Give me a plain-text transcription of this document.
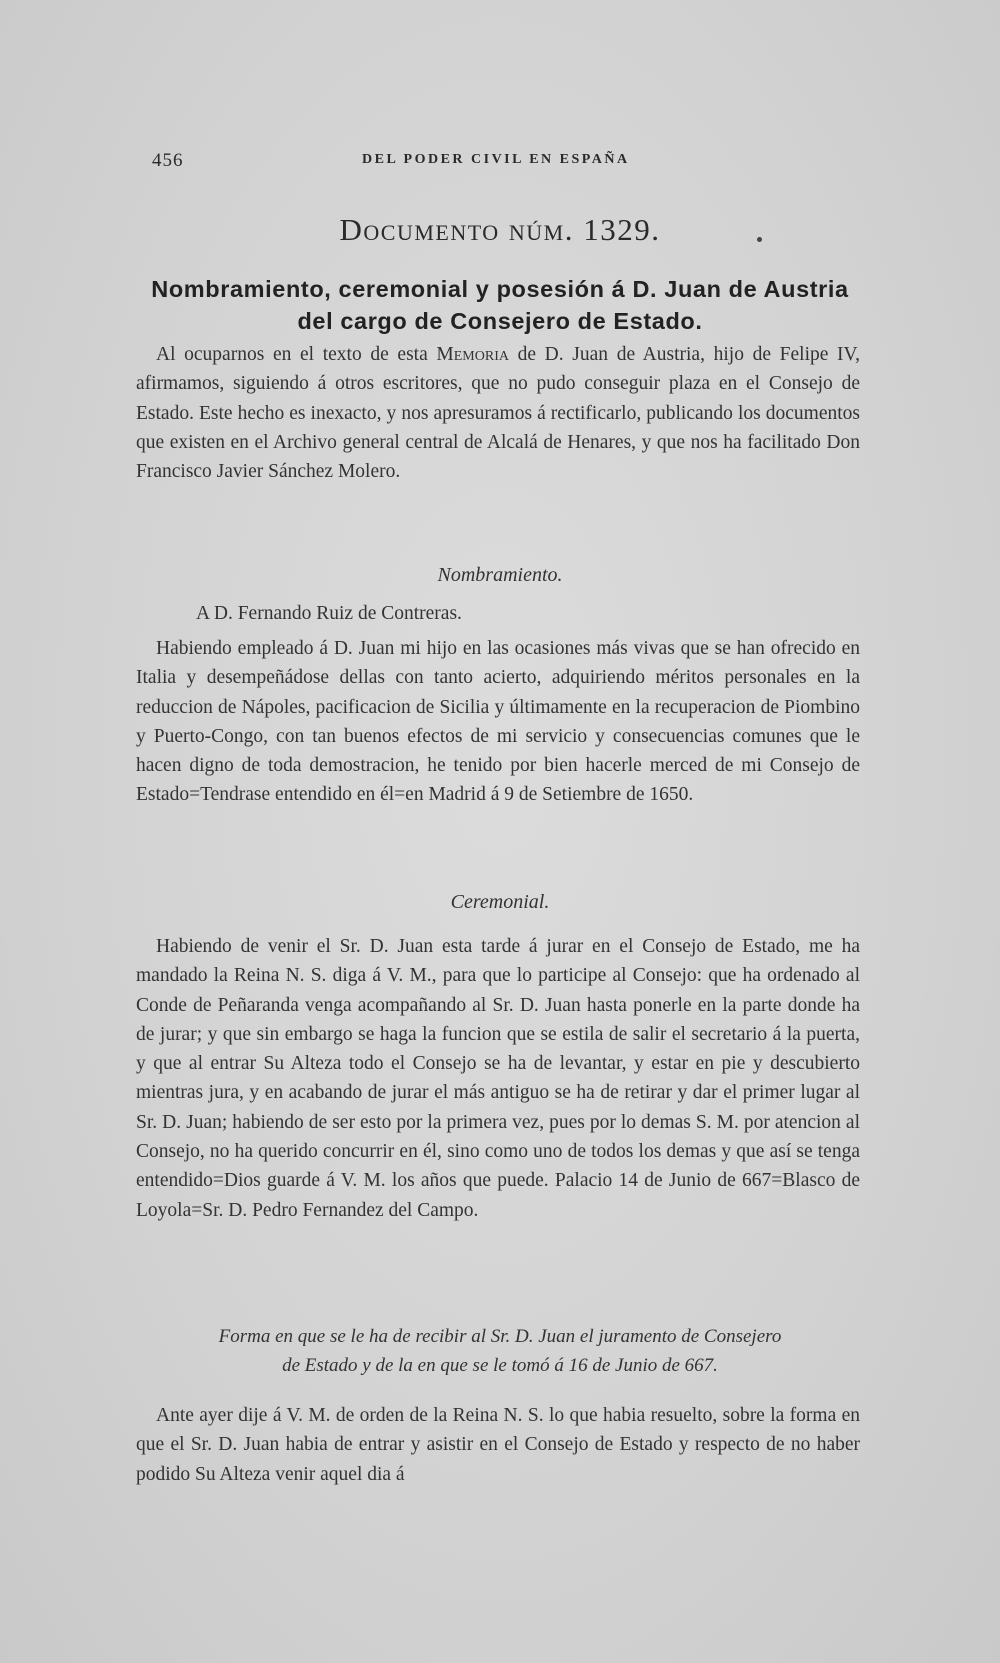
456	DEL PODER CIVIL EN ESPAÑA
Documento núm. 1329.
Nombramiento, ceremonial y posesión á D. Juan de Austria
del cargo de Consejero de Estado.

Al ocuparnos en el texto de esta Memoria de D. Juan de Austria, hijo de Felipe IV, afirmamos, siguiendo á otros escritores, que no pudo conseguir plaza en el Consejo de Estado. Este hecho es inexacto, y nos apresuramos á rectificarlo, publicando los documentos que existen en el Archivo general central de Alcalá de Henares, y que nos ha facilitado Don Francisco Javier Sánchez Molero.

Nombramiento.
A D. Fernando Ruiz de Contreras.

Habiendo empleado á D. Juan mi hijo en las ocasiones más vivas que se han ofrecido en Italia y desempeñádose dellas con tanto acierto, adquiriendo méritos personales en la reduccion de Nápoles, pacificacion de Sicilia y últimamente en la recuperacion de Piombino y Puerto-Congo, con tan buenos efectos de mi servicio y consecuencias comunes que le hacen digno de toda demostracion, he tenido por bien hacerle merced de mi Consejo de Estado=Tendrase entendido en él=en Madrid á 9 de Setiembre de 1650.

Ceremonial.

Habiendo de venir el Sr. D. Juan esta tarde á jurar en el Consejo de Estado, me ha mandado la Reina N. S. diga á V. M., para que lo participe al Consejo: que ha ordenado al Conde de Peñaranda venga acompañando al Sr. D. Juan hasta ponerle en la parte donde ha de jurar; y que sin embargo se haga la funcion que se estila de salir el secretario á la puerta, y que al entrar Su Alteza todo el Consejo se ha de levantar, y estar en pie y descubierto mientras jura, y en acabando de jurar el más antiguo se ha de retirar y dar el primer lugar al Sr. D. Juan; habiendo de ser esto por la primera vez, pues por lo demas S. M. por atencion al Consejo, no ha querido concurrir en él, sino como uno de todos los demas y que así se tenga entendido=Dios guarde á V. M. los años que puede. Palacio 14 de Junio de 667=Blasco de Loyola=Sr. D. Pedro Fernandez del Campo.

Forma en que se le ha de recibir al Sr. D. Juan el juramento de Consejero
de Estado y de la en que se le tomó á 16 de Junio de 667.

Ante ayer dije á V. M. de orden de la Reina N. S. lo que habia resuelto, sobre la forma en que el Sr. D. Juan habia de entrar y asistir en el Consejo de Estado y respecto de no haber podido Su Alteza venir aquel dia á
